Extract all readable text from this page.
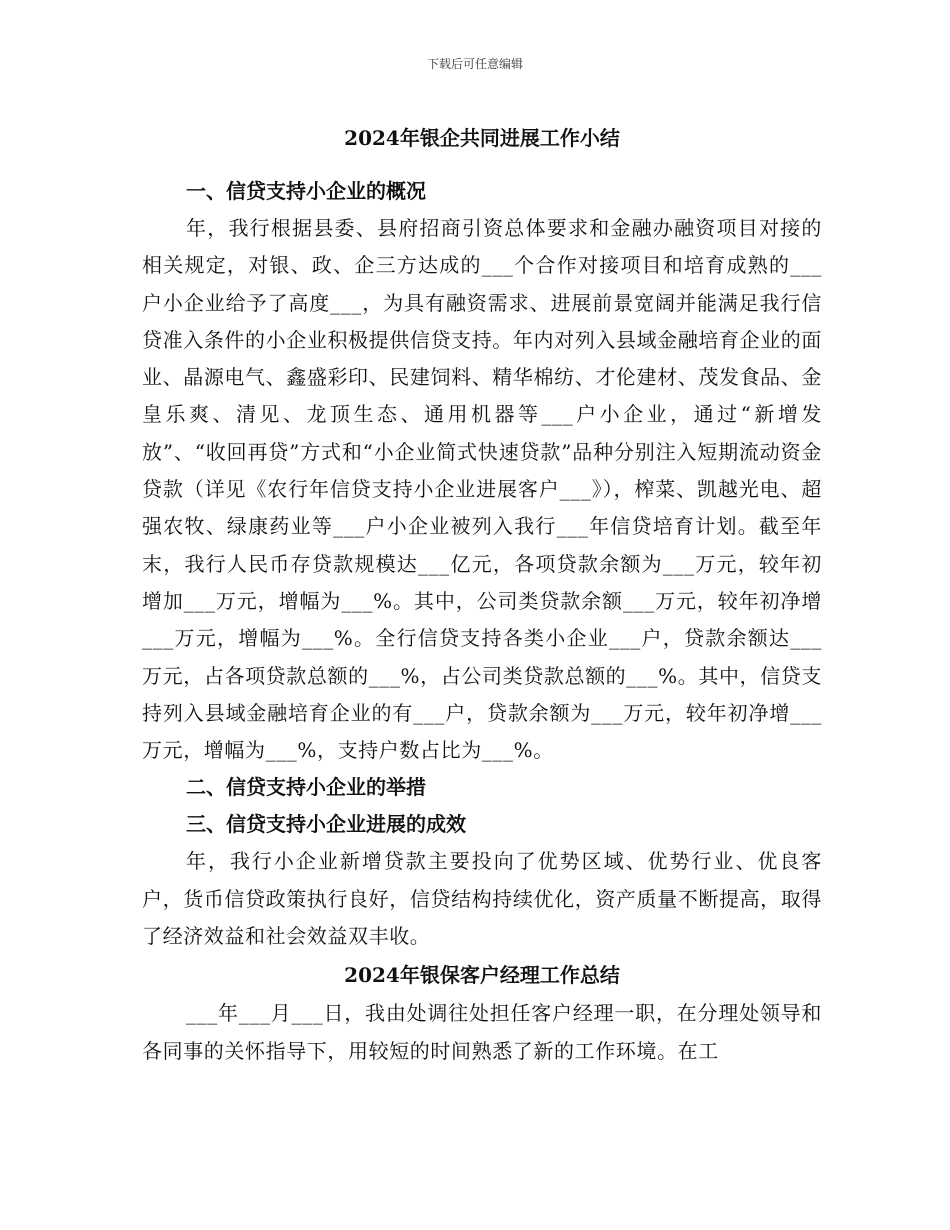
下载后可任意编辑
2024年银企共同进展工作小结
一、信贷支持小企业的概况

年，我行根据县委、县府招商引资总体要求和金融办融资项目对接的相关规定，对银、政、企三方达成的___个合作对接项目和培育成熟的___户小企业给予了高度___，为具有融资需求、进展前景宽阔并能满足我行信贷准入条件的小企业积极提供信贷支持。年内对列入县域金融培育企业的面业、晶源电气、鑫盛彩印、民建饲料、精华棉纺、才伦建材、茂发食品、金皇乐爽、清见、龙顶生态、通用机器等___户小企业，通过“新增发放”、“收回再贷”方式和“小企业简式快速贷款”品种分别注入短期流动资金贷款（详见《农行年信贷支持小企业进展客户___》），榨菜、凯越光电、超强农牧、绿康药业等___户小企业被列入我行___年信贷培育计划。截至年末，我行人民币存贷款规模达___亿元，各项贷款余额为___万元，较年初增加___万元，增幅为___%。其中，公司类贷款余额___万元，较年初净增___万元，增幅为___%。全行信贷支持各类小企业___户，贷款余额达___万元，占各项贷款总额的___%，占公司类贷款总额的___%。其中，信贷支持列入县域金融培育企业的有___户，贷款余额为___万元，较年初净增___万元，增幅为___%，支持户数占比为___%。

二、信贷支持小企业的举措
三、信贷支持小企业进展的成效

年，我行小企业新增贷款主要投向了优势区域、优势行业、优良客户，货币信贷政策执行良好，信贷结构持续优化，资产质量不断提高，取得了经济效益和社会效益双丰收。

2024年银保客户经理工作总结

___年___月___日，我由处调往处担任客户经理一职，在分理处领导和各同事的关怀指导下，用较短的时间熟悉了新的工作环境。在工
